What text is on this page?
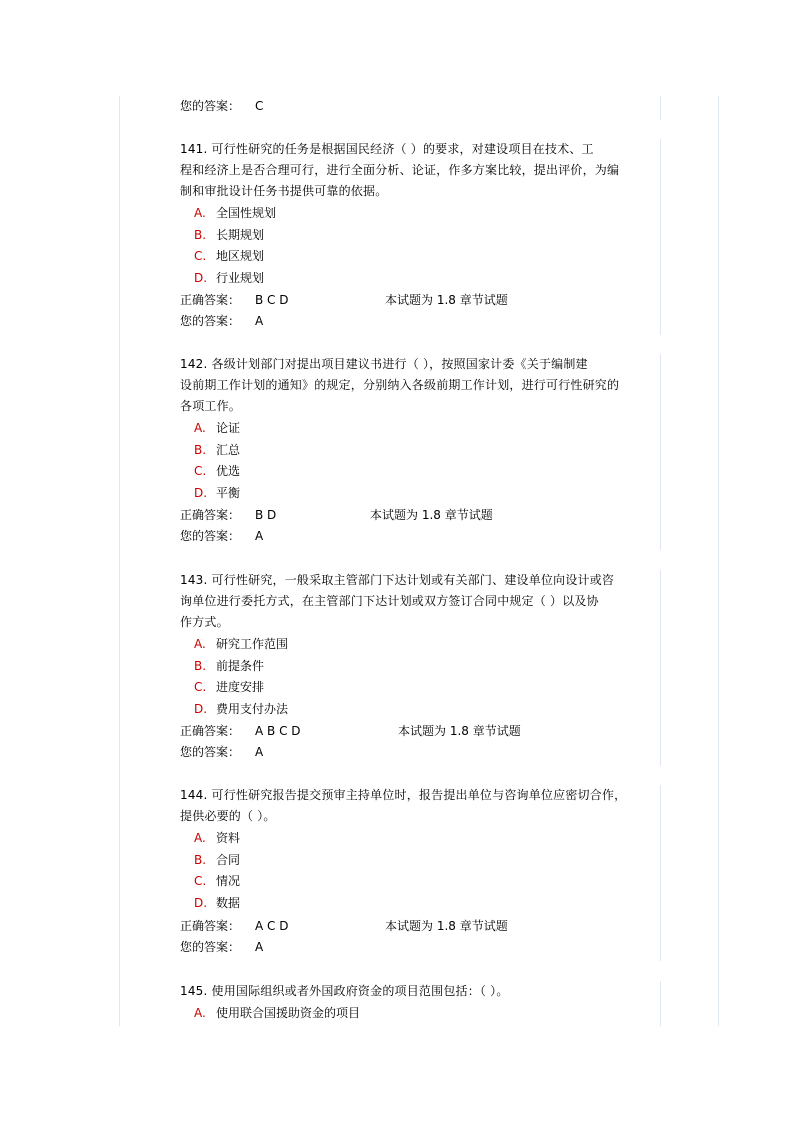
您的答案： C
141. 可行性研究的任务是根据国民经济（ ）的要求，对建设项目在技术、工
程和经济上是否合理可行，进行全面分析、论证，作多方案比较，提出评价，为编
制和审批设计任务书提供可靠的依据。
A. 全国性规划
B. 长期规划
C. 地区规划
D. 行业规划
正确答案： B C D	本试题为 1.8 章节试题
您的答案： A
142. 各级计划部门对提出项目建议书进行（ ），按照国家计委《关于编制建
设前期工作计划的通知》的规定，分别纳入各级前期工作计划，进行可行性研究的
各项工作。
A. 论证
B. 汇总
C. 优选
D. 平衡
正确答案： B D	本试题为 1.8 章节试题
您的答案： A
143. 可行性研究，一般采取主管部门下达计划或有关部门、建设单位向设计或咨
询单位进行委托方式，在主管部门下达计划或双方签订合同中规定（ ）以及协
作方式。
A. 研究工作范围
B. 前提条件
C. 进度安排
D. 费用支付办法
正确答案： A B C D	本试题为 1.8 章节试题
您的答案： A
144. 可行性研究报告提交预审主持单位时，报告提出单位与咨询单位应密切合作，
提供必要的（ ）。
A. 资料
B. 合同
C. 情况
D. 数据
正确答案： A C D	本试题为 1.8 章节试题
您的答案： A
145. 使用国际组织或者外国政府资金的项目范围包括：（ ）。
A. 使用联合国援助资金的项目
